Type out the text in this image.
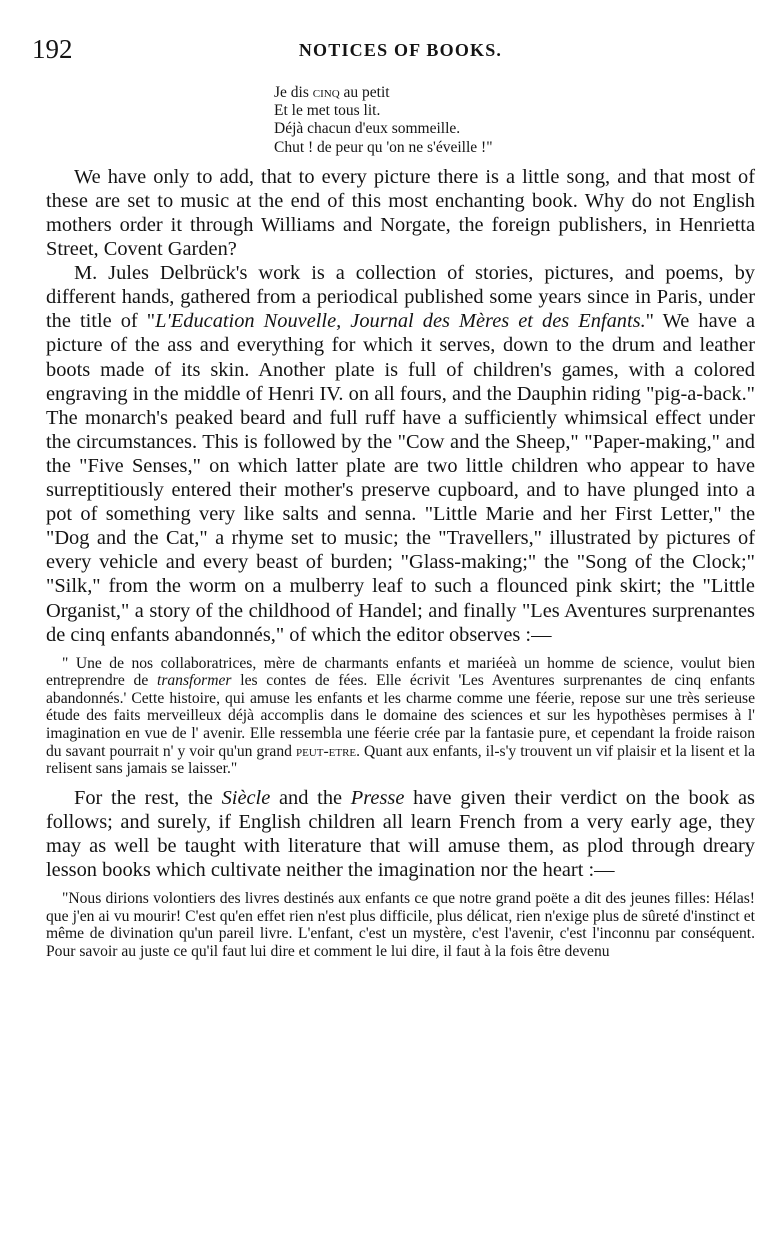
192	NOTICES OF BOOKS.
Je dis cinq au petit
Et le met tous lit.
Déjà chacun d'eux sommeille.
Chut ! de peur qu 'on ne s'éveille !"

We have only to add, that to every picture there is a little song, and that most of these are set to music at the end of this most enchanting book. Why do not English mothers order it through Williams and Norgate, the foreign publishers, in Henrietta Street, Covent Garden?

M. Jules Delbrück's work is a collection of stories, pictures, and poems, by different hands, gathered from a periodical published some years since in Paris, under the title of "L'Education Nouvelle, Journal des Mères et des Enfants." We have a picture of the ass and everything for which it serves, down to the drum and leather boots made of its skin. Another plate is full of children's games, with a colored engraving in the middle of Henri IV. on all fours, and the Dauphin riding "pig-a-back." The monarch's peaked beard and full ruff have a sufficiently whimsical effect under the circumstances. This is followed by the "Cow and the Sheep," "Paper-making," and the "Five Senses," on which latter plate are two little children who appear to have surreptitiously entered their mother's preserve cupboard, and to have plunged into a pot of something very like salts and senna. "Little Marie and her First Letter," the "Dog and the Cat," a rhyme set to music; the "Travellers," illustrated by pictures of every vehicle and every beast of burden; "Glass-making;" the "Song of the Clock;" "Silk," from the worm on a mulberry leaf to such a flounced pink skirt; the "Little Organist," a story of the childhood of Handel; and finally "Les Aventures surprenantes de cinq enfants abandonnés," of which the editor observes :—

" Une de nos collaboratrices, mère de charmants enfants et mariéeà un homme de science, voulut bien entreprendre de transformer les contes de fées. Elle écrivit 'Les Aventures surprenantes de cinq enfants abandonnés.' Cette histoire, qui amuse les enfants et les charme comme une féerie, repose sur une très serieuse étude des faits merveilleux déjà accomplis dans le domaine des sciences et sur les hypothèses permises à l' imagination en vue de l' avenir. Elle ressembla une féerie crée par la fantasie pure, et cependant la froide raison du savant pourrait n' y voir qu'un grand peut-etre. Quant aux enfants, il-s'y trouvent un vif plaisir et la lisent et la relisent sans jamais se laisser."

For the rest, the Siècle and the Presse have given their verdict on the book as follows; and surely, if English children all learn French from a very early age, they may as well be taught with literature that will amuse them, as plod through dreary lesson books which cultivate neither the imagination nor the heart :—

"Nous dirions volontiers des livres destinés aux enfants ce que notre grand poëte a dit des jeunes filles: Hélas! que j'en ai vu mourir! C'est qu'en effet rien n'est plus difficile, plus délicat, rien n'exige plus de sûreté d'instinct et même de divination qu'un pareil livre. L'enfant, c'est un mystère, c'est l'avenir, c'est l'inconnu par conséquent. Pour savoir au juste ce qu'il faut lui dire et comment le lui dire, il faut à la fois être devenu
